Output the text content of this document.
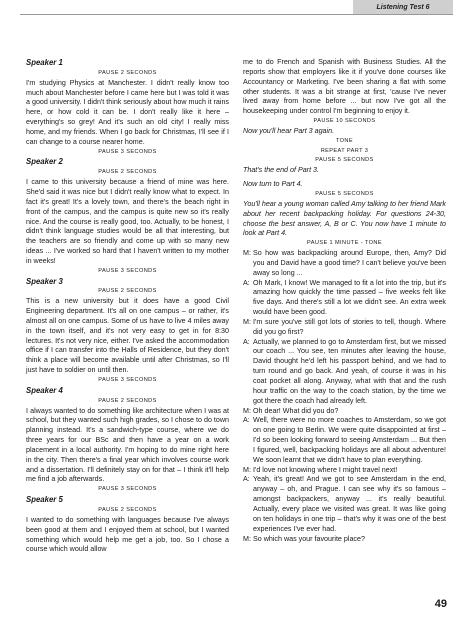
Listening Test 6

Speaker 1

PAUSE 2 SECONDS

I'm studying Physics at Manchester. I didn't really know too much about Manchester before I came here but I was told it was a good university. I didn't think seriously about how much it rains here, or how cold it can be. I don't really like it here – everything's so grey! And it's such an old city! I really miss home, and my friends. When I go back for Christmas, I'll see if I can change to a course nearer home.

PAUSE 3 SECONDS

Speaker 2

PAUSE 2 SECONDS

I came to this university because a friend of mine was here. She'd said it was nice but I didn't really know what to expect. In fact it's great! It's a lovely town, and there's the beach right in front of the campus, and the campus is quite new so it's really nice. And the course is really good, too. Actually, to be honest, I didn't think language studies would be all that interesting, but the teachers are so friendly and come up with so many new ideas ... I've worked so hard that I haven't written to my mother in weeks!

PAUSE 3 SECONDS

Speaker 3

PAUSE 2 SECONDS

This is a new university but it does have a good Civil Engineering department. It's all on one campus – or rather, it's almost all on one campus. Some of us have to live 4 miles away in the town itself, and it's not very easy to get in for 8:30 lectures. It's not very nice, either. I've asked the accommodation office if I can transfer into the Halls of Residence, but they don't think a place will become available until after Christmas, so I'll just have to soldier on until then.

PAUSE 3 SECONDS

Speaker 4

PAUSE 2 SECONDS

I always wanted to do something like architecture when I was at school, but they wanted such high grades, so I chose to do town planning instead. It's a sandwich-type course, where we do three years for our BSc and then have a year on a work placement in a local authority. I'm hoping to do mine right here in the city. Then there's a final year which involves course work and a dissertation. I'll definitely stay on for that – I think it'll help me find a job afterwards.

PAUSE 3 SECONDS

Speaker 5

PAUSE 2 SECONDS

I wanted to do something with languages because I've always been good at them and I enjoyed them at school, but I wanted something which would help me get a job, too. So I chose a course which would allow

me to do French and Spanish with Business Studies. All the reports show that employers like it if you've done courses like Accountancy or Marketing. I've been sharing a flat with some other students. It was a bit strange at first, 'cause I've never lived away from home before ... but now I've got all the housekeeping under control I'm beginning to enjoy it.

PAUSE 10 SECONDS

Now you'll hear Part 3 again.

TONE

REPEAT PART 3

PAUSE 5 SECONDS

That's the end of Part 3.

Now turn to Part 4.

PAUSE 5 SECONDS

You'll hear a young woman called Amy talking to her friend Mark about her recent backpacking holiday. For questions 24-30, choose the best answer, A, B or C. You now have 1 minute to look at Part 4.

PAUSE 1 MINUTE - TONE

M: So how was backpacking around Europe, then, Amy? Did you and David have a good time? I can't believe you've been away so long ...
A: Oh Mark, I know! We managed to fit a lot into the trip, but it's amazing how quickly the time passed – five weeks felt like five days. And there's still a lot we didn't see. An extra week would have been good.
M: I'm sure you've still got lots of stories to tell, though. Where did you go first?
A: Actually, we planned to go to Amsterdam first, but we missed our coach ... You see, ten minutes after leaving the house, David thought he'd left his passport behind, and we had to turn round and go back. And yeah, of course it was in his coat pocket all along. Anyway, what with that and the rush hour traffic on the way to the coach station, by the time we got there the coach had already left.
M: Oh dear! What did you do?
A: Well, there were no more coaches to Amsterdam, so we got on one going to Berlin. We were quite disappointed at first – I'd so been looking forward to seeing Amsterdam ... But then I figured, well, backpacking holidays are all about adventure! We soon learnt that we didn't have to plan everything.
M: I'd love not knowing where I might travel next!
A: Yeah, it's great! And we got to see Amsterdam in the end, anyway – oh, and Prague. I can see why it's so famous – amongst backpackers, anyway ... it's really beautiful. Actually, every place we visited was great. It was like going on ten holidays in one trip – that's why it was one of the best experiences I've ever had.
M: So which was your favourite place?
49
